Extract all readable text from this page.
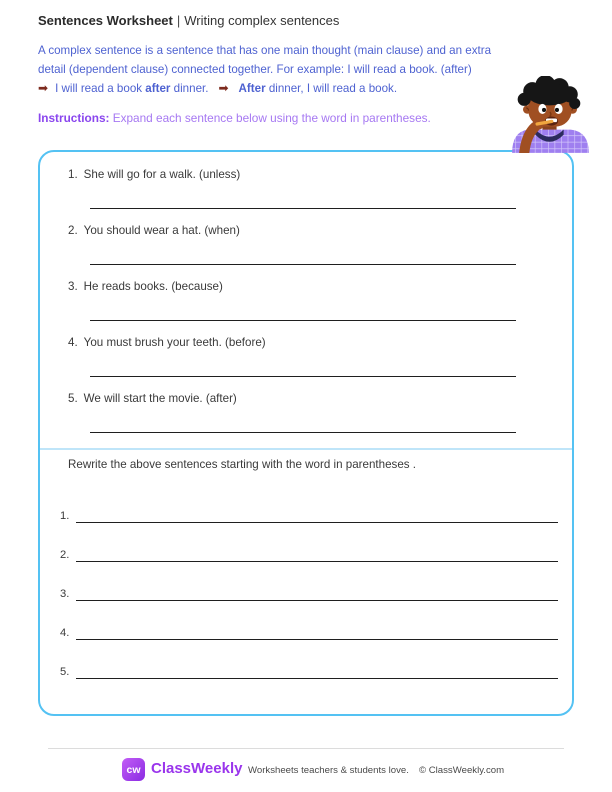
Sentences Worksheet | Writing complex sentences
A complex sentence is a sentence that has one main thought (main clause) and an extra
detail (dependent clause) connected together. For example: I will read a book. (after)
➡ I will read a book after dinner. ➡ After dinner, I will read a book.
Instructions: Expand each sentence below using the word in parentheses.
1. She will go for a walk. (unless)
2. You should wear a hat. (when)
3. He reads books. (because)
4. You must brush your teeth. (before)
5. We will start the movie. (after)
Rewrite the above sentences starting with the word in parentheses .
1.
2.
3.
4.
5.
cw ClassWeekly Worksheets teachers & students love. © ClassWeekly.com
